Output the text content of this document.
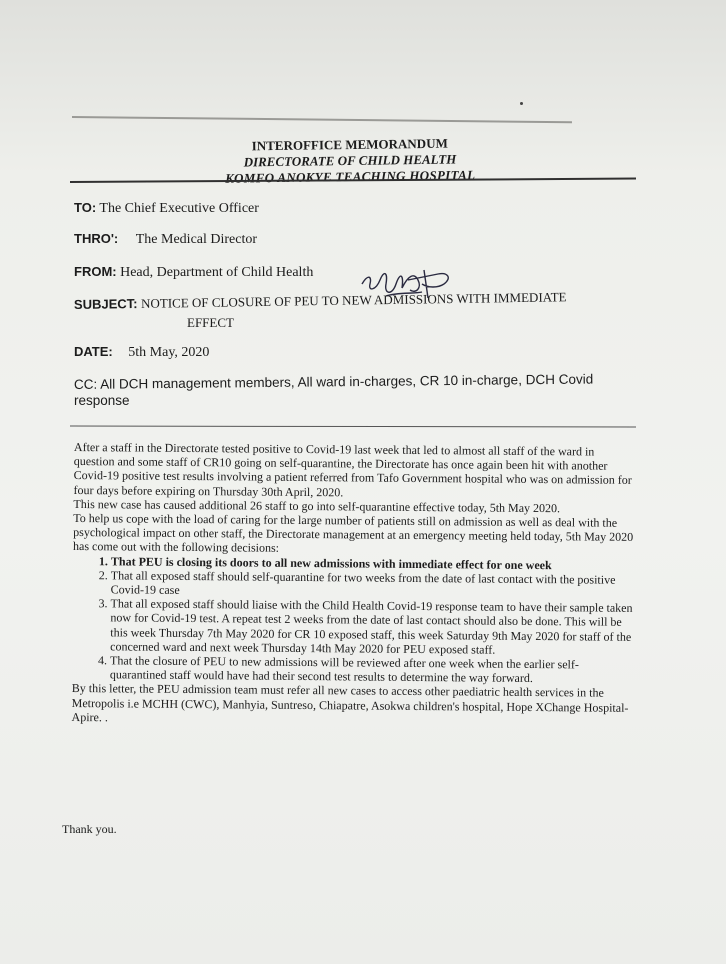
INTEROFFICE MEMORANDUM
DIRECTORATE OF CHILD HEALTH
KOMFO ANOKYE TEACHING HOSPITAL
TO: The Chief Executive Officer
THRO': The Medical Director
FROM: Head, Department of Child Health
SUBJECT: NOTICE OF CLOSURE OF PEU TO NEW ADMISSIONS WITH IMMEDIATE
EFFECT
DATE: 5th May, 2020
CC: All DCH management members, All ward in-charges, CR 10 in-charge, DCH Covid
response

After a staff in the Directorate tested positive to Covid-19 last week that led to almost all staff of the ward in question and some staff of CR10 going on self-quarantine, the Directorate has once again been hit with another Covid-19 positive test results involving a patient referred from Tafo Government hospital who was on admission for four days before expiring on Thursday 30th April, 2020.

This new case has caused additional 26 staff to go into self-quarantine effective today, 5th May 2020.

To help us cope with the load of caring for the large number of patients still on admission as well as deal with the psychological impact on other staff, the Directorate management at an emergency meeting held today, 5th May 2020 has come out with the following decisions:

1. That PEU is closing its doors to all new admissions with immediate effect for one week
2. That all exposed staff should self-quarantine for two weeks from the date of last contact with the positive Covid-19 case
3. That all exposed staff should liaise with the Child Health Covid-19 response team to have their sample taken now for Covid-19 test. A repeat test 2 weeks from the date of last contact should also be done. This will be this week Thursday 7th May 2020 for CR 10 exposed staff, this week Saturday 9th May 2020 for staff of the concerned ward and next week Thursday 14th May 2020 for PEU exposed staff.
4. That the closure of PEU to new admissions will be reviewed after one week when the earlier self-quarantined staff would have had their second test results to determine the way forward.

By this letter, the PEU admission team must refer all new cases to access other paediatric health services in the Metropolis i.e MCHH (CWC), Manhyia, Suntreso, Chiapatre, Asokwa children's hospital, Hope XChange Hospital-Apire. .

Thank you.
